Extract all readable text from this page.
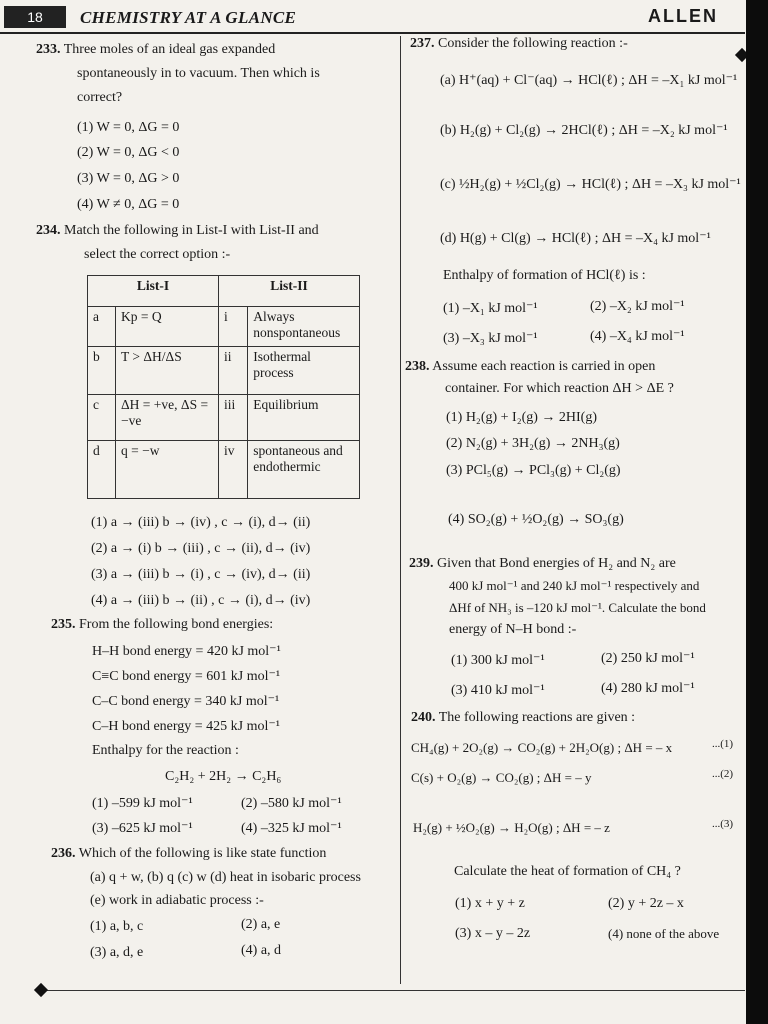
18	CHEMISTRY AT A GLANCE	ALLEN
233. Three moles of an ideal gas expanded
spontaneously in to vacuum. Then which is
correct?
(1) W = 0, ΔG = 0
(2) W = 0, ΔG < 0
(3) W = 0, ΔG > 0
(4) W ≠ 0, ΔG = 0
234. Match the following in List-I with List-II and
select the correct option :-
List-I		List-II	
a	Kp = Q	i	Always nonspontaneous
b	T > ΔH/ΔS	ii	Isothermal process
c	ΔH = +ve, ΔS = −ve	iii	Equilibrium
d	q = −w	iv	spontaneous and endothermic
(1) a → (iii) b → (iv) , c → (i), d→ (ii)
(2) a → (i) b → (iii) , c → (ii), d→ (iv)
(3) a → (iii) b → (i) , c → (iv), d→ (ii)
(4) a → (iii) b → (ii) , c → (i), d→ (iv)
235. From the following bond energies:
H–H bond energy = 420 kJ mol⁻¹
C≡C bond energy = 601 kJ mol⁻¹
C–C bond energy = 340 kJ mol⁻¹
C–H bond energy = 425 kJ mol⁻¹
Enthalpy for the reaction :
C₂H₂ + 2H₂ → C₂H₆
(1) –599 kJ mol⁻¹	(2) –580 kJ mol⁻¹
(3) –625 kJ mol⁻¹	(4) –325 kJ mol⁻¹
236. Which of the following is like state function
(a) q + w, (b) q (c) w (d) heat in isobaric process
(e) work in adiabatic process :-
(1) a, b, c	(2) a, e
(3) a, d, e	(4) a, d
237. Consider the following reaction :-
(a) H⁺(aq) + Cl⁻(aq) → HCl(ℓ) ; ΔH = –X₁ kJ mol⁻¹
(b) H₂(g) + Cl₂(g) → 2HCl(ℓ) ; ΔH = –X₂ kJ mol⁻¹
(c) ½H₂(g) + ½Cl₂(g) → HCl(ℓ) ; ΔH = –X₃ kJ mol⁻¹
(d) H(g) + Cl(g) → HCl(ℓ) ; ΔH = –X₄ kJ mol⁻¹
Enthalpy of formation of HCl(ℓ) is :
(1) –X₁ kJ mol⁻¹	(2) –X₂ kJ mol⁻¹
(3) –X₃ kJ mol⁻¹	(4) –X₄ kJ mol⁻¹
238. Assume each reaction is carried in open
container. For which reaction ΔH > ΔE ?
(1) H₂(g) + I₂(g) → 2HI(g)
(2) N₂(g) + 3H₂(g) → 2NH₃(g)
(3) PCl₅(g) → PCl₃(g) + Cl₂(g)
(4) SO₂(g) + ½O₂(g) → SO₃(g)
239. Given that Bond energies of H₂ and N₂ are
400 kJ mol⁻¹ and 240 kJ mol⁻¹ respectively and
ΔHf of NH₃ is –120 kJ mol⁻¹. Calculate the bond
energy of N–H bond :-
(1) 300 kJ mol⁻¹	(2) 250 kJ mol⁻¹
(3) 410 kJ mol⁻¹	(4) 280 kJ mol⁻¹
240. The following reactions are given :
CH₄(g) + 2O₂(g) → CO₂(g) + 2H₂O(g) ; ΔH = – x	...(1)
C(s) + O₂(g) → CO₂(g) ; ΔH = – y	...(2)
H₂(g) + ½O₂(g) → H₂O(g) ; ΔH = – z	...(3)
Calculate the heat of formation of CH₄ ?
(1) x + y + z	(2) y + 2z – x
(3) x – y – 2z	(4) none of the above
